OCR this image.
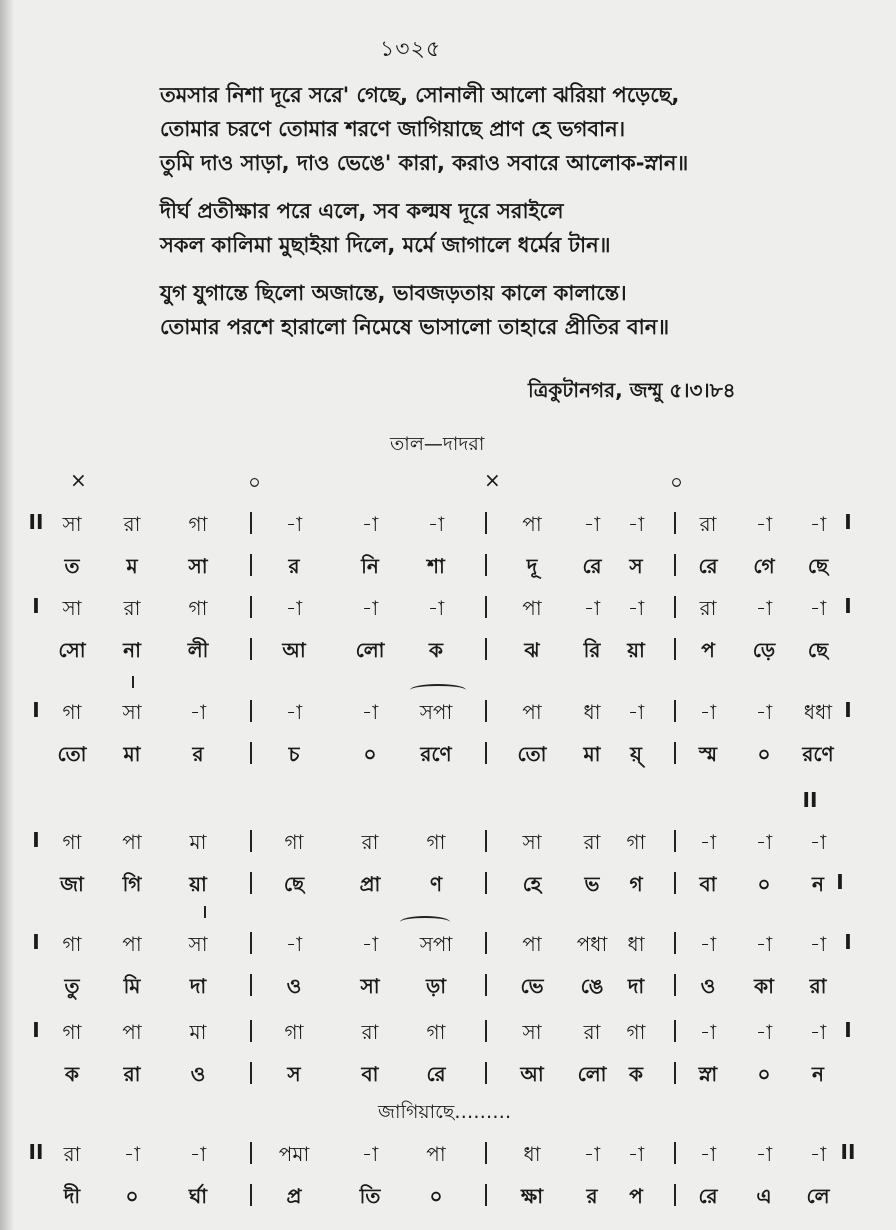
১৩২৫
তমসার নিশা দূরে সরে' গেছে, সোনালী আলো ঝরিয়া পড়েছে,
তোমার চরণে তোমার শরণে জাগিয়াছে প্রাণ হে ভগবান।
তুমি দাও সাড়া, দাও ভেঙে' কারা, করাও সবারে আলোক-স্নান॥
দীর্ঘ প্রতীক্ষার পরে এলে, সব কল্মষ দূরে সরাইলে
সকল কালিমা মুছাইয়া দিলে, মর্মে জাগালে ধর্মের টান॥
যুগ যুগান্তে ছিলো অজান্তে, ভাবজড়তায় কালে কালান্তে।
তোমার পরশে হারালো নিমেষে ভাসালো তাহারে প্রীতির বান॥
ত্রিকুটানগর, জম্মু ৫।৩।৮৪
তাল—দাদরা
×	০	×	০
II	I
সা রা গা	-া	-া -া	পা -া -া	রা -া -া
ত ম	সা	র	নি শা	দূ রে স	রে গে ছে
I	I
সা রা গা	-া	-া -া	পা -া -া	রা -া -া
সো না লী	আ লো ক	ঝ রি য়া	প ড়ে ছে
I	I
গা সা -া	-া	-া সপা	পা ধা -া	-া -া ধধা
তো মা	র	চ	০ রণে	তো মা য়্	স্ম ০ রণে
I
I
II
গা পা মা	গা	রা গা	সা রা গা	-া -া -া
জা গি য়া	ছে	প্রা ণ	হে ভ গ	বা ০ ন
I	I
গা পা সা	-া	-া সপা	পা পধা ধা	-া -া -া
তু মি দা	ও	সা ড়া	ভে ঙে দা	ও কা রা
I	I
গা পা মা	গা	রা গা	সা রা গা	-া -া -া
ক রা	ও	স	বা রে	আ লো ক	স্না ০ ন
II	II
রা -া -া	পমা	-া পা	ধা -া -া	-া -া -া
দী ০	র্ঘা	প্র	তি ০	ক্ষা র প	রে এ লে
জাগিয়াছে………
